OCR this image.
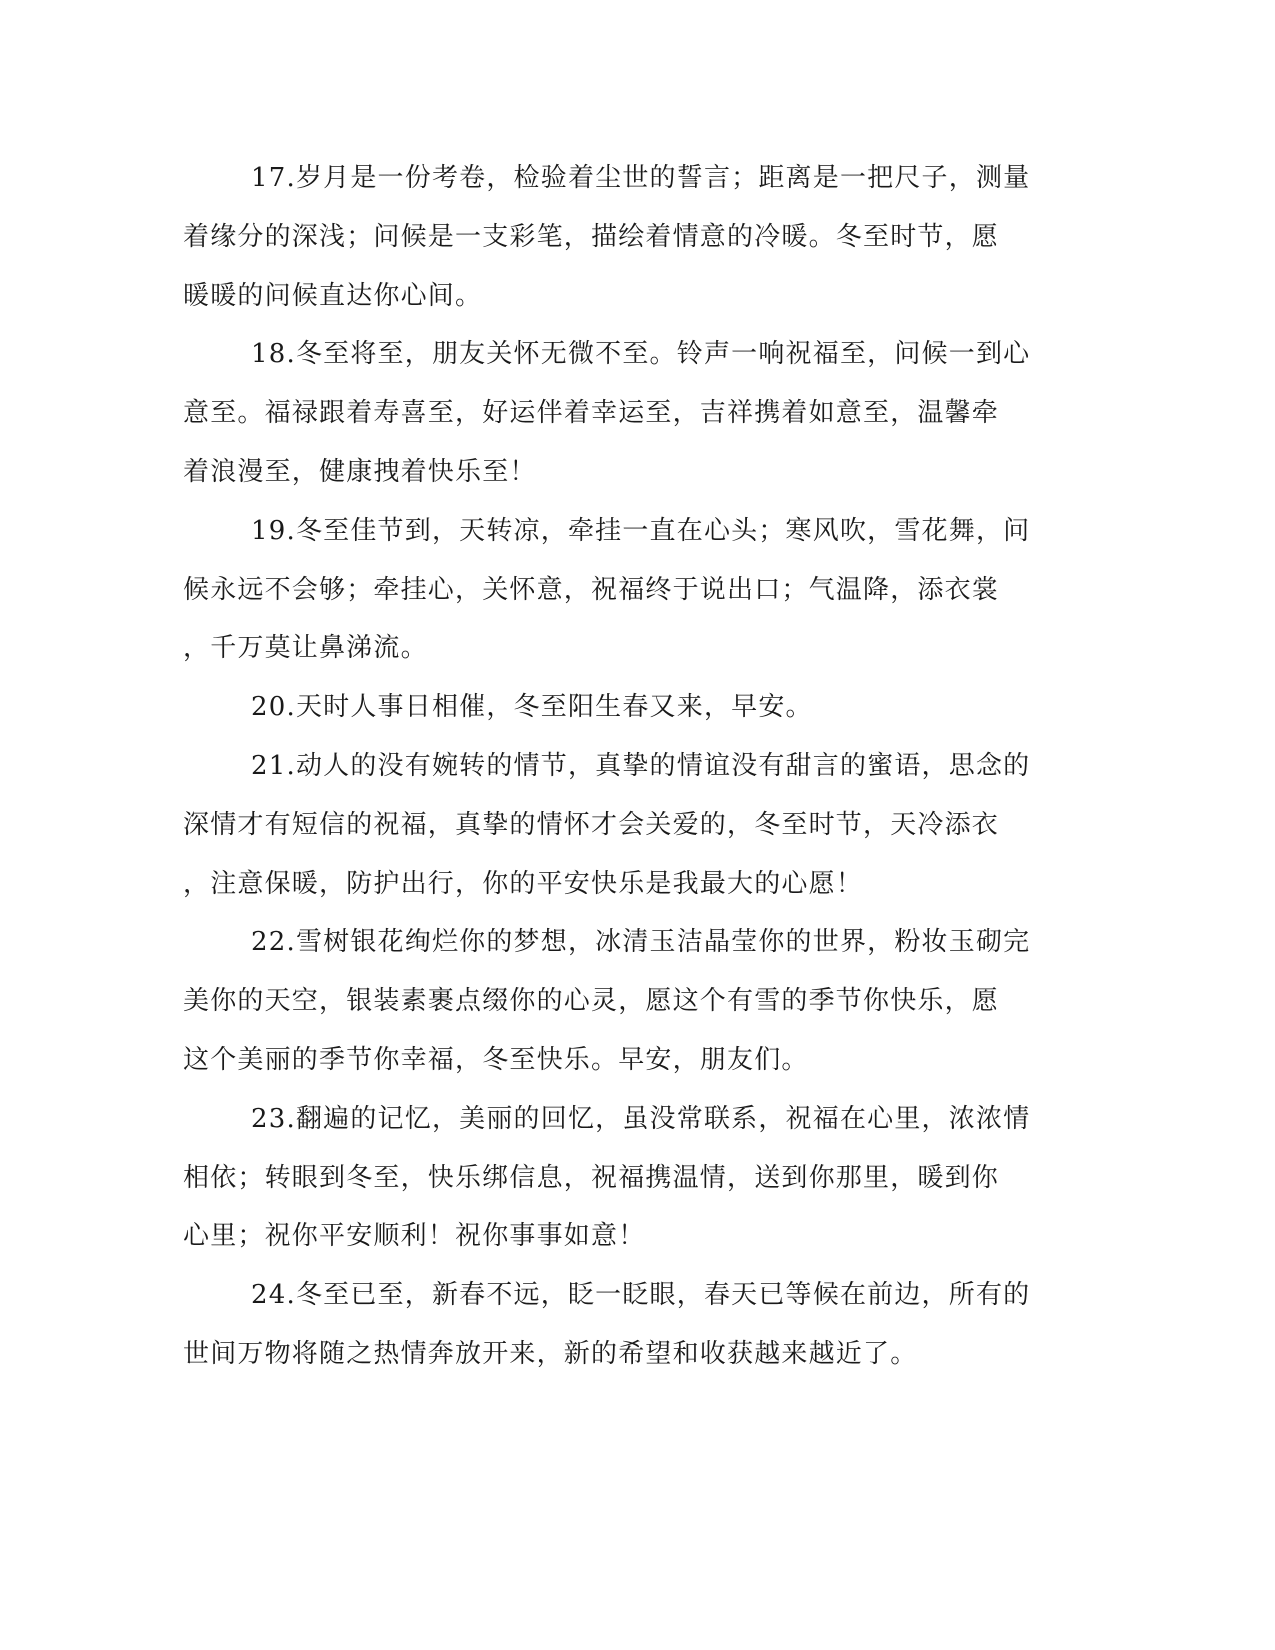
17.岁月是一份考卷，检验着尘世的誓言；距离是一把尺子，测量
着缘分的深浅；问候是一支彩笔，描绘着情意的冷暖。冬至时节，愿
暖暖的问候直达你心间。
18.冬至将至，朋友关怀无微不至。铃声一响祝福至，问候一到心
意至。福禄跟着寿喜至，好运伴着幸运至，吉祥携着如意至，温馨牵
着浪漫至，健康拽着快乐至！
19.冬至佳节到，天转凉，牵挂一直在心头；寒风吹，雪花舞，问
候永远不会够；牵挂心，关怀意，祝福终于说出口；气温降，添衣裳
，千万莫让鼻涕流。
20.天时人事日相催，冬至阳生春又来，早安。
21.动人的没有婉转的情节，真挚的情谊没有甜言的蜜语，思念的
深情才有短信的祝福，真挚的情怀才会关爱的，冬至时节，天冷添衣
，注意保暖，防护出行，你的平安快乐是我最大的心愿！
22.雪树银花绚烂你的梦想，冰清玉洁晶莹你的世界，粉妆玉砌完
美你的天空，银装素裹点缀你的心灵，愿这个有雪的季节你快乐，愿
这个美丽的季节你幸福，冬至快乐。早安，朋友们。
23.翻遍的记忆，美丽的回忆，虽没常联系，祝福在心里，浓浓情
相依；转眼到冬至，快乐绑信息，祝福携温情，送到你那里，暖到你
心里；祝你平安顺利！祝你事事如意！
24.冬至已至，新春不远，眨一眨眼，春天已等候在前边，所有的
世间万物将随之热情奔放开来，新的希望和收获越来越近了。
